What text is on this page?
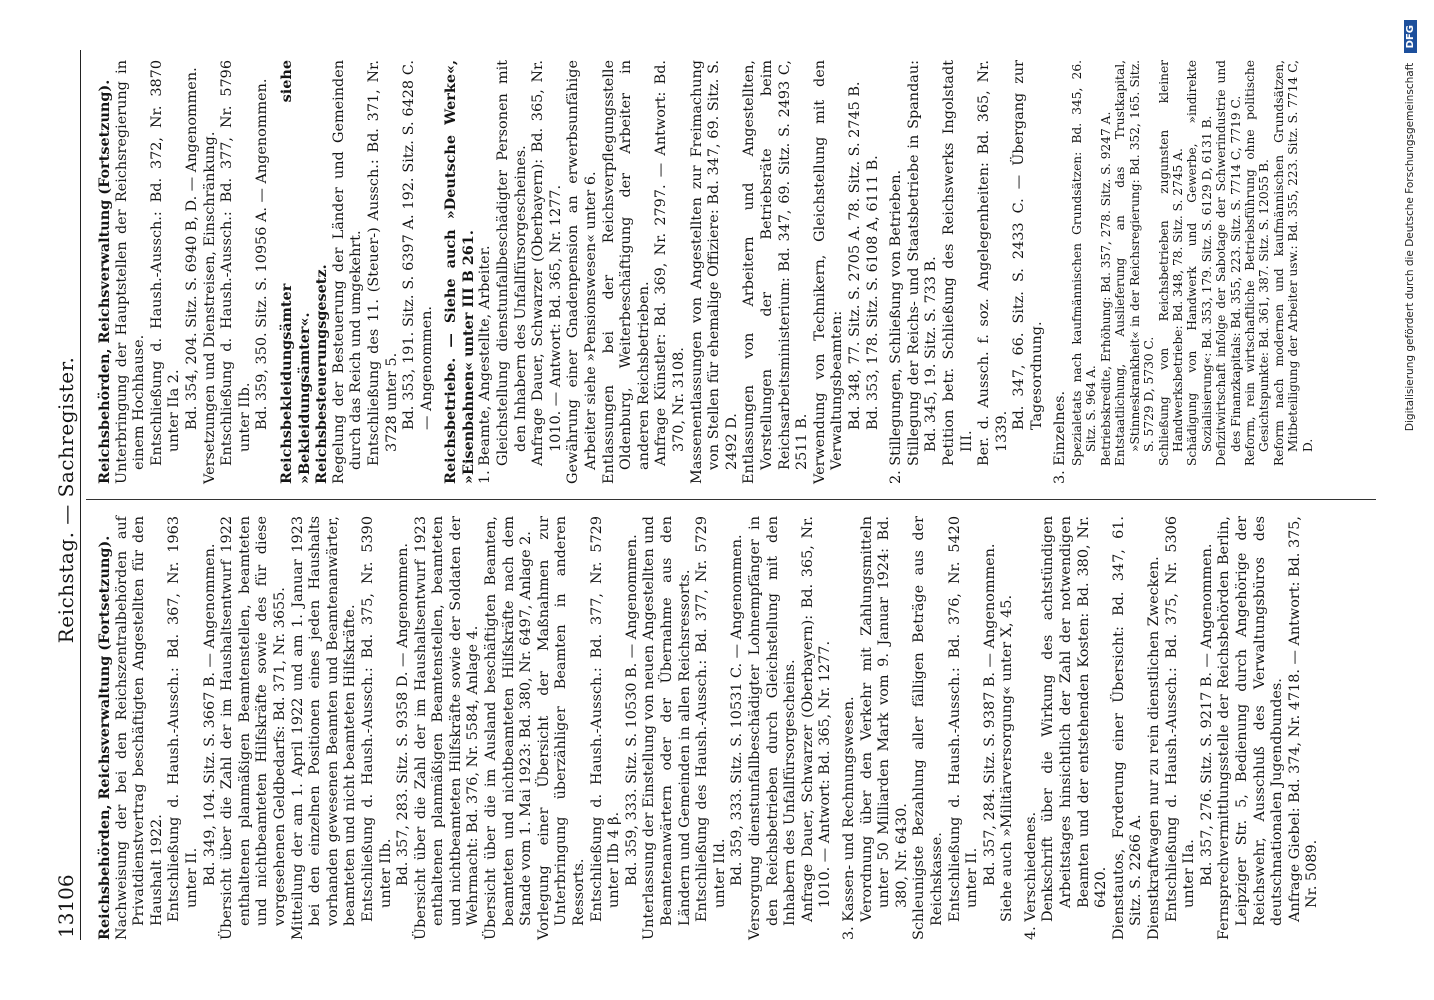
13106
Reichstag. — Sachregister.

Reichsbehörden, Reichsverwaltung (Fortsetzung). Nachweisung der bei den Reichszentralbehörden auf Privatdienstvertrag beschäftigten Angestellten für den Haushalt 1922. Entschließung d. Haush.-Aussch.: Bd. 367, Nr. 1963 unter II. Bd. 349, 104. Sitz. S. 3667 B. — Angenommen. Übersicht über die Zahl der im Haushaltsentwurf 1922 enthaltenen planmäßigen Beamtenstellen, beamteten und nichtbeamteten Hilfskräfte sowie des für diese vorgesehenen Geldbedarfs: Bd. 371, Nr. 3655. Mitteilung der am 1. April 1922 und am 1. Januar 1923 bei den einzelnen Positionen eines jeden Haushalts vorhanden gewesenen Beamten und Beamtenanwärter, beamteten und nicht beamteten Hilfskräfte. Entschließung d. Haush.-Aussch.: Bd. 375, Nr. 5390 unter IIb. Bd. 357, 283. Sitz. S. 9358 D. — Angenommen. Übersicht über die Zahl der im Haushaltsentwurf 1923 enthaltenen planmäßigen Beamtenstellen, beamteten und nichtbeamteten Hilfskräfte sowie der Soldaten der Wehrmacht: Bd. 376, Nr. 5584, Anlage 4. Übersicht über die im Ausland beschäftigten Beamten, beamteten und nichtbeamteten Hilfskräfte nach dem Stande vom 1. Mai 1923: Bd. 380, Nr. 6497, Anlage 2. Vorlegung einer Übersicht der Maßnahmen zur Unterbringung überzähliger Beamten in anderen Ressorts. Entschließung d. Haush.-Aussch.: Bd. 377, Nr. 5729 unter IIb 4 β. Bd. 359, 333. Sitz. S. 10530 B. — Angenommen. Unterlassung der Einstellung von neuen Angestellten und Beamtenanwärtern oder der Übernahme aus den Ländern und Gemeinden in allen Reichsressorts. Entschließung des Haush.-Aussch.: Bd. 377, Nr. 5729 unter IId. Bd. 359, 333. Sitz. S. 10531 C. — Angenommen. Versorgung dienstunfallbeschädigter Lohnempfänger in den Reichsbetrieben durch Gleichstellung mit den Inhabern des Unfallfürsorgescheins. Anfrage Dauer, Schwarzer (Oberbayern): Bd. 365, Nr. 1010. — Antwort: Bd. 365, Nr. 1277. 3. Kassen- und Rechnungswesen. Verordnung über den Verkehr mit Zahlungsmitteln unter 50 Milliarden Mark vom 9. Januar 1924: Bd. 380, Nr. 6430. Schleunigste Bezahlung aller fälligen Beträge aus der Reichskasse. Entschließung d. Haush.-Aussch.: Bd. 376, Nr. 5420 unter II. Bd. 357, 284. Sitz. S. 9387 B. — Angenommen. Siehe auch »Militärversorgung« unter X, 45. 4. Verschiedenes. Denkschrift über die Wirkung des achtstündigen Arbeitstages hinsichtlich der Zahl der notwendigen Beamten und der entstehenden Kosten: Bd. 380, Nr. 6420. Dienstautos, Forderung einer Übersicht: Bd. 347, 61. Sitz. S. 2266 A. Dienstkraftwagen nur zu rein dienstlichen Zwecken. Entschließung d. Haush.-Aussch.: Bd. 375, Nr. 5306 unter IIa. Bd. 357, 276. Sitz. S. 9217 B. — Angenommen. Fernsprechvermittlungsstelle der Reichsbehörden Berlin, Leipziger Str. 5, Bedienung durch Angehörige der Reichswehr, Ausschluß des Verwaltungsbüros des deutschnationalen Jugendbundes. Anfrage Giebel: Bd. 374, Nr. 4718. — Antwort: Bd. 375, Nr. 5089.

Reichsbehörden, Reichsverwaltung (Fortsetzung). Unterbringung der Hauptstellen der Reichsregierung in einem Hochhause. Entschließung d. Haush.-Aussch.: Bd. 372, Nr. 3870 unter IIa 2. Bd. 354, 204. Sitz. S. 6940 B, D. — Angenommen. Versetzungen und Dienstreisen, Einschränkung. Entschließung d. Haush.-Aussch.: Bd. 377, Nr. 5796 unter IIb. Bd. 359, 350. Sitz. S. 10956 A. — Angenommen. Reichsbekleidungsämter siehe »Bekleidungsämter«. Reichsbesteuerungsgesetz. Regelung der Besteuerung der Länder und Gemeinden durch das Reich und umgekehrt. Entschließung des 11. (Steuer-) Aussch.: Bd. 371, Nr. 3728 unter 5. Bd. 353, 191. Sitz. S. 6397 A. 192. Sitz. S. 6428 C. — Angenommen. Reichsbetriebe. — Siehe auch »Deutsche Werke«, »Eisenbahnen« unter III B 261. 1. Beamte, Angestellte, Arbeiter. Gleichstellung dienstunfallbeschädigter Personen mit den Inhabern des Unfallfürsorgescheines. Anfrage Dauer, Schwarzer (Oberbayern): Bd. 365, Nr. 1010. — Antwort: Bd. 365, Nr. 1277. Gewährung einer Gnadenpension an erwerbsunfähige Arbeiter siehe »Pensionswesen« unter 6. Entlassungen bei der Reichsverpflegungsstelle Oldenburg, Weiterbeschäftigung der Arbeiter in anderen Reichsbetrieben. Anfrage Künstler: Bd. 369, Nr. 2797. — Antwort: Bd. 370, Nr. 3108. Massenentlassungen von Angestellten zur Freimachung von Stellen für ehemalige Offiziere: Bd. 347, 69. Sitz. S. 2492 D. Entlassungen von Arbeitern und Angestellten, Vorstellungen der Betriebsräte beim Reichsarbeitsministerium: Bd. 347, 69. Sitz. S. 2493 C, 2511 B. Verwendung von Technikern, Gleichstellung mit den Verwaltungsbeamten: Bd. 348, 77. Sitz. S. 2705 A. 78. Sitz. S. 2745 B. Bd. 353, 178. Sitz. S. 6108 A, 6111 B. 2. Stillegungen, Schließung von Betrieben. Stillegung der Reichs- und Staatsbetriebe in Spandau: Bd. 345, 19. Sitz. S. 733 B. Petition betr. Schließung des Reichswerks Ingolstadt III. Ber. d. Aussch. f. soz. Angelegenheiten: Bd. 365, Nr. 1339.

Bd. 347, 66. Sitz. S. 2433 C. — Übergang zur Tagesordnung.

3. Einzelnes. Spezialetats nach kaufmännischen Grundsätzen: Bd. 345, 26. Sitz. S. 964 A. Betriebskredite, Erhöhung: Bd. 357, 278. Sitz. S. 9247 A. Entstaatlichung, Auslieferung an das Trustkapital, »Stinneskrankheit« in der Reichsregierung: Bd. 352, 165. Sitz. S. 5729 D, 5730 C. Schließung von Reichsbetrieben zugunsten kleiner Handwerksbetriebe: Bd. 348, 78. Sitz. S. 2745 A. Schädigung von Handwerk und Gewerbe, »indirekte Sozialisierung«: Bd. 353, 179. Sitz. S. 6129 D, 6131 B. Defizitwirtschaft infolge der Sabotage der Schwerindustrie und des Finanzkapitals: Bd. 355, 223. Sitz. S. 7714 C, 7719 C. Reform, rein wirtschaftliche Betriebsführung ohne politische Gesichtspunkte: Bd. 361, 387. Sitz. S. 12055 B. Reform nach modernen und kaufmännischen Grundsätzen, Mitbeteiligung der Arbeiter usw.: Bd. 355, 223. Sitz. S. 7714 C, D.

Digitalisierung gefördert durch die Deutsche Forschungsgemeinschaft DFG
